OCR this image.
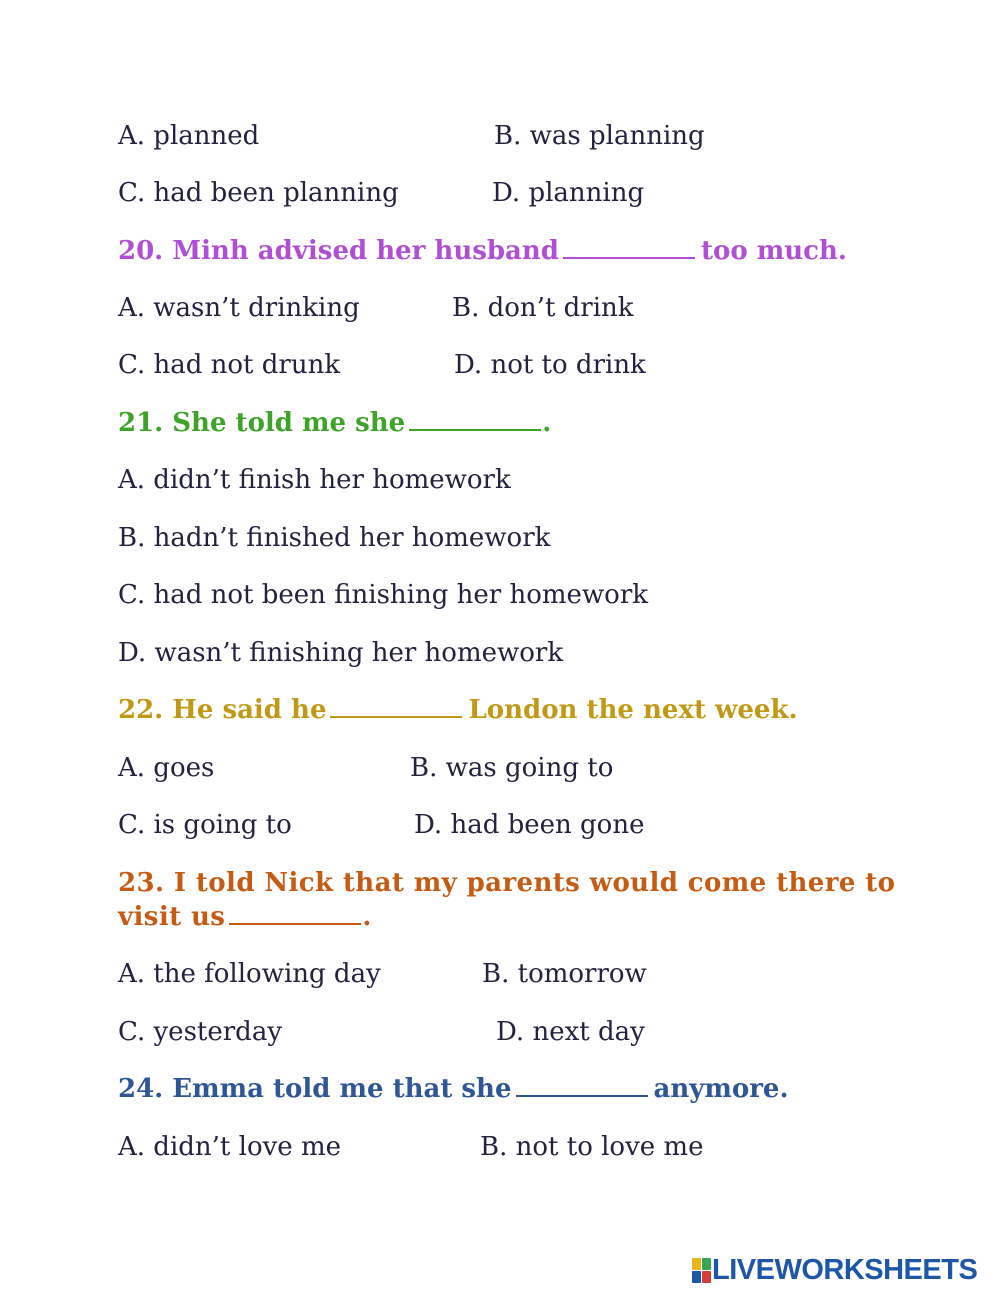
A. planned	B. was planning
C. had been planning	D. planning
20. Minh advised her husband	too much.
A. wasn’t drinking	B. don’t drink
C. had not drunk	D. not to drink
21. She told me she	.
A. didn’t finish her homework
B. hadn’t finished her homework
C. had not been finishing her homework
D. wasn’t finishing her homework
22. He said he	London the next week.
A. goes	B. was going to
C. is going to	D. had been gone
23. I told Nick that my parents would come there to visit us	.
A. the following day	B. tomorrow
C. yesterday	D. next day
24. Emma told me that she	anymore.
A. didn’t love me	B. not to love me
LIVEWORKSHEETS
